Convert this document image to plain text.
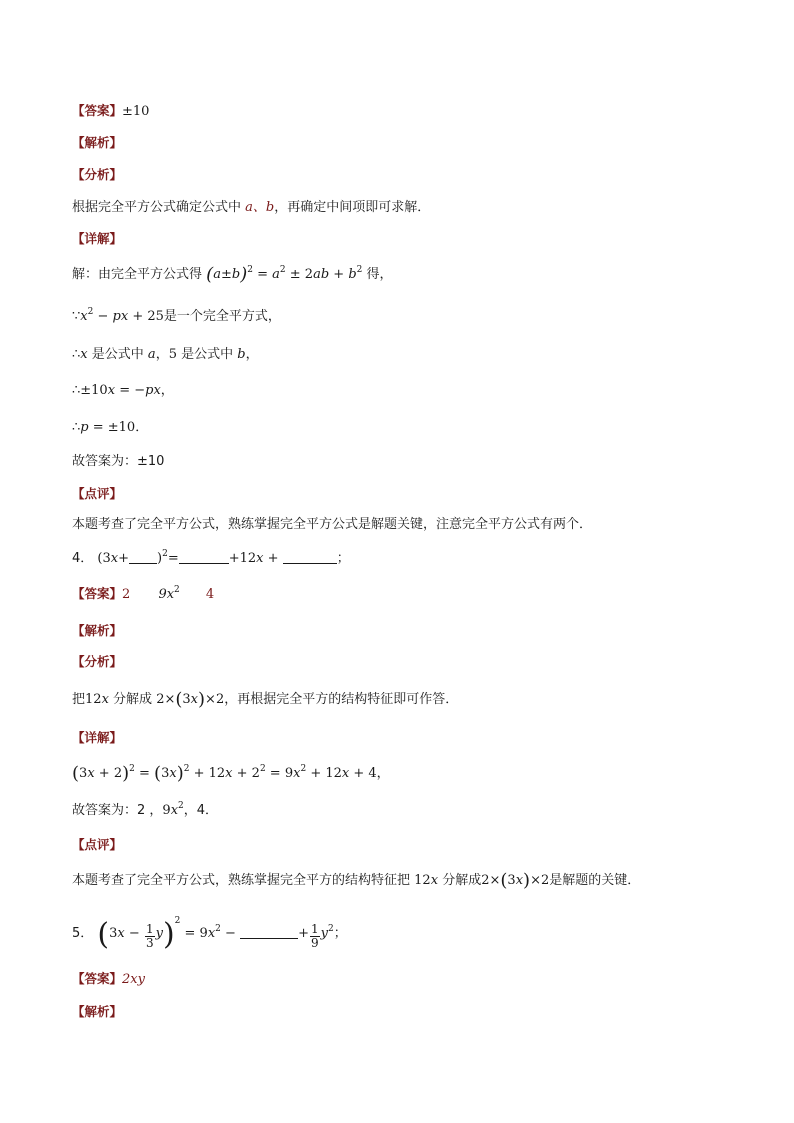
【答案】±10
【解析】
【分析】
根据完全平方公式确定公式中 a、b，再确定中间项即可求解．
【详解】
解：由完全平方公式得 $(a\pm b)^2 = a^2 \pm 2ab + b^2$ 得，
$\because x^2$ − px + 25是一个完全平方式，
∴x 是公式中 a，5 是公式中 b，
∴±10x = −px，
∴p = ±10．
故答案为：±10
【点评】
本题考查了完全平方公式，熟练掌握完全平方公式是解题关键，注意完全平方公式有两个．
4． $(3x+ )^2=$	+12x +	；
【答案】2 $9x^2$ 4
【解析】
【分析】
把12x 分解成 2×(3x)×2，再根据完全平方的结构特征即可作答．
【详解】
$(3x + 2)^2 = (3x)^2 + 12x + 2^2 = 9x^2 + 12x + 4$，
故答案为：2 ，$9x^2$，4．
【点评】
本题考查了完全平方公式，熟练掌握完全平方的结构特征把 12x 分解成2×(3x)×2是解题的关键．
5． $(3x - \frac{1}{3} y)^2 = 9x^2$ −	+ $\frac{1}{9} y^2$；
【答案】2xy
【解析】
